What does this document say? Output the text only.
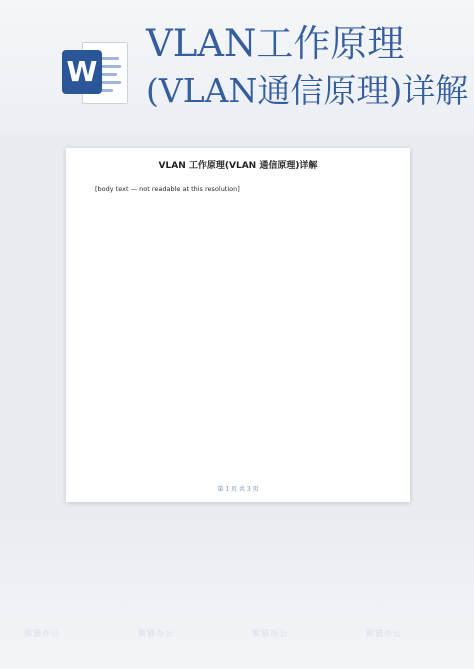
W
VLAN工作原理
(VLAN通信原理)详解
VLAN 工作原理(VLAN 通信原理)详解
[body text — not readable at this resolution]
第 1 页 共 3 页
熊猫办公	熊猫办公	熊猫办公	熊猫办公
